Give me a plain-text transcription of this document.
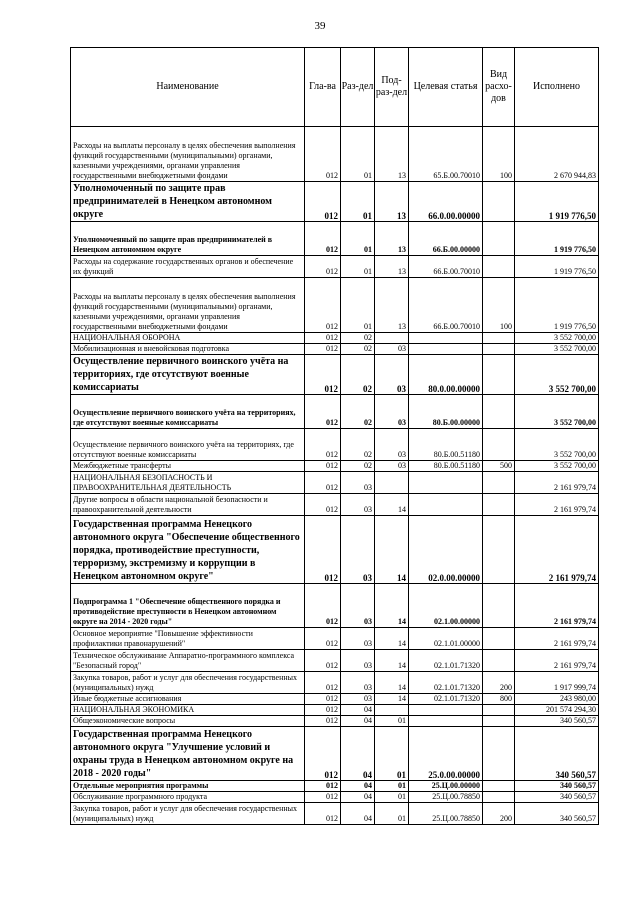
39
Наименование	Гла-ва	Раз-дел	Под-раз-дел	Целевая статья	Вид расхо-дов	Исполнено
Расходы на выплаты персоналу в целях обеспечения выполнения функций государственными (муниципальными) органами, казенными учреждениями, органами управления государственными внебюджетными фондами	012	01	13	65.Б.00.70010	100	2 670 944,83
Уполномоченный по защите прав предпринимателей в Ненецком автономном округе	012	01	13	66.0.00.00000		1 919 776,50
Уполномоченный по защите прав предпринимателей в Ненецком автономном округе	012	01	13	66.Б.00.00000		1 919 776,50
Расходы на содержание государственных органов и обеспечение их функций	012	01	13	66.Б.00.70010		1 919 776,50
Расходы на выплаты персоналу в целях обеспечения выполнения функций государственными (муниципальными) органами, казенными учреждениями, органами управления государственными внебюджетными фондами	012	01	13	66.Б.00.70010	100	1 919 776,50
НАЦИОНАЛЬНАЯ ОБОРОНА	012	02				3 552 700,00
Мобилизационная и вневойсковая подготовка	012	02	03			3 552 700,00
Осуществление первичного воинского учёта на территориях, где отсутствуют военные комиссариаты	012	02	03	80.0.00.00000		3 552 700,00
Осуществление первичного воинского учёта на территориях, где отсутствуют военные комиссариаты	012	02	03	80.Б.00.00000		3 552 700,00
Осуществление первичного воинского учёта на территориях, где отсутствуют военные комиссариаты	012	02	03	80.Б.00.51180		3 552 700,00
Межбюджетные трансферты	012	02	03	80.Б.00.51180	500	3 552 700,00
НАЦИОНАЛЬНАЯ БЕЗОПАСНОСТЬ И ПРАВООХРАНИТЕЛЬНАЯ ДЕЯТЕЛЬНОСТЬ	012	03				2 161 979,74
Другие вопросы в области национальной безопасности и правоохранительной деятельности	012	03	14			2 161 979,74
Государственная программа Ненецкого автономного округа "Обеспечение общественного порядка, противодействие преступности, терроризму, экстремизму и коррупции в Ненецком автономном округе"	012	03	14	02.0.00.00000		2 161 979,74
Подпрограмма 1 "Обеспечение общественного порядка и противодействие преступности в Ненецком автономном округе на 2014 - 2020 годы"	012	03	14	02.1.00.00000		2 161 979,74
Основное мероприятие "Повышение эффективности профилактики правонарушений"	012	03	14	02.1.01.00000		2 161 979,74
Техническое обслуживание Аппаратно-программного комплекса "Безопасный город"	012	03	14	02.1.01.71320		2 161 979,74
Закупка товаров, работ и услуг для обеспечения государственных (муниципальных) нужд	012	03	14	02.1.01.71320	200	1 917 999,74
Иные бюджетные ассигнования	012	03	14	02.1.01.71320	800	243 980,00
НАЦИОНАЛЬНАЯ ЭКОНОМИКА	012	04				201 574 294,30
Общеэкономические вопросы	012	04	01			340 560,57
Государственная программа Ненецкого автономного округа "Улучшение условий и охраны труда в Ненецком автономном округе на 2018 - 2020 годы"	012	04	01	25.0.00.00000		340 560,57
Отдельные мероприятия программы	012	04	01	25.Ц.00.00000		340 560,57
Обслуживание программного продукта	012	04	01	25.Ц.00.78850		340 560,57
Закупка товаров, работ и услуг для обеспечения государственных (муниципальных) нужд	012	04	01	25.Ц.00.78850	200	340 560,57
